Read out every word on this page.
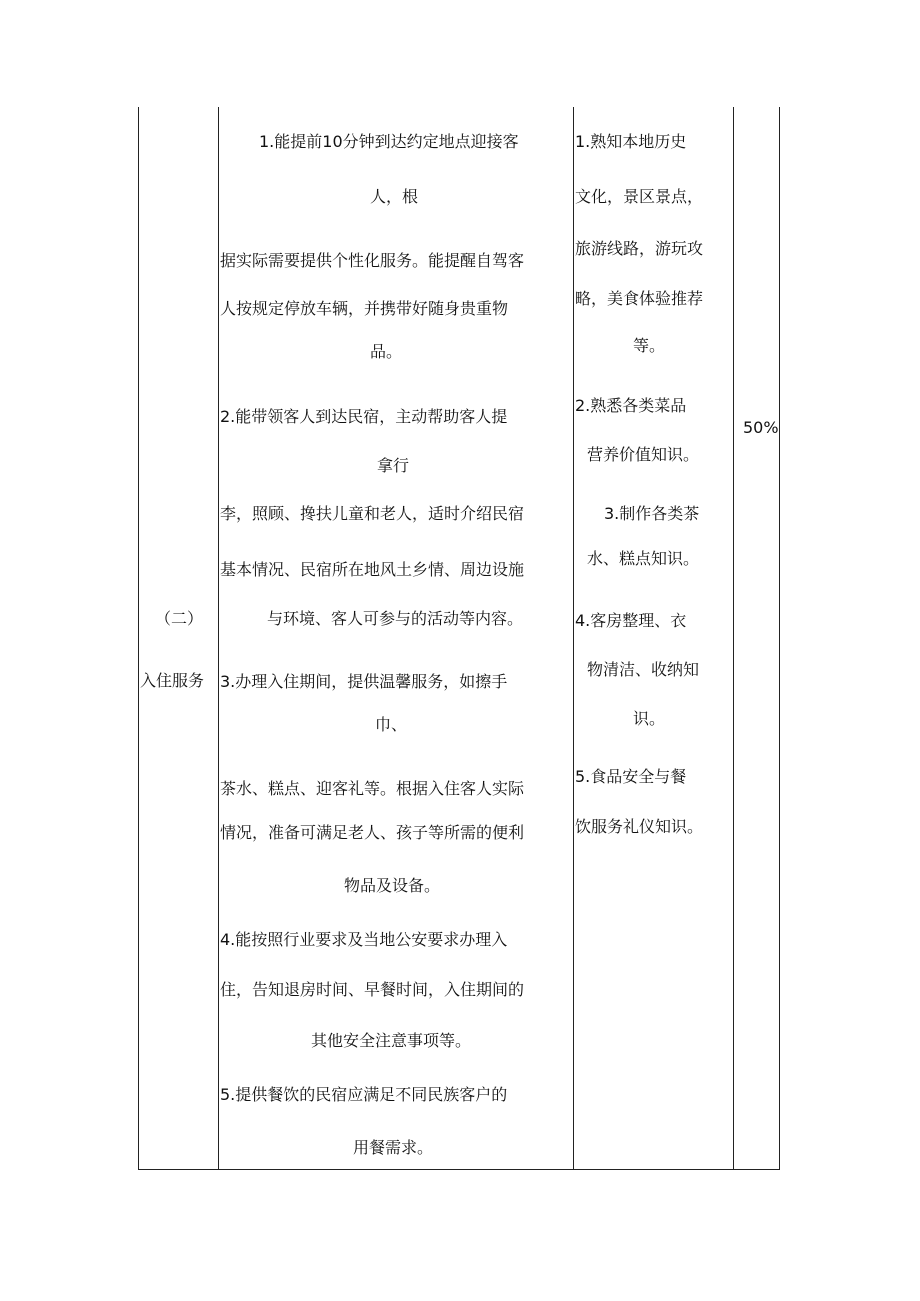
（二）
入住服务
1.能提前10分钟到达约定地点迎接客
人，根
据实际需要提供个性化服务。能提醒自驾客
人按规定停放车辆，并携带好随身贵重物
品。
2.能带领客人到达民宿，主动帮助客人提
拿行
李，照顾、搀扶儿童和老人，适时介绍民宿
基本情况、民宿所在地风土乡情、周边设施
与环境、客人可参与的活动等内容。
3.办理入住期间，提供温馨服务，如擦手
巾、
茶水、糕点、迎客礼等。根据入住客人实际
情况，准备可满足老人、孩子等所需的便利
物品及设备。
4.能按照行业要求及当地公安要求办理入
住，告知退房时间、早餐时间，入住期间的
其他安全注意事项等。
5.提供餐饮的民宿应满足不同民族客户的
用餐需求。
1.熟知本地历史
文化，景区景点，
旅游线路，游玩攻
略，美食体验推荐
等。
2.熟悉各类菜品
营养价值知识。
3.制作各类茶
水、糕点知识。
4.客房整理、衣
物清洁、收纳知
识。
5.食品安全与餐
饮服务礼仪知识。
50%
